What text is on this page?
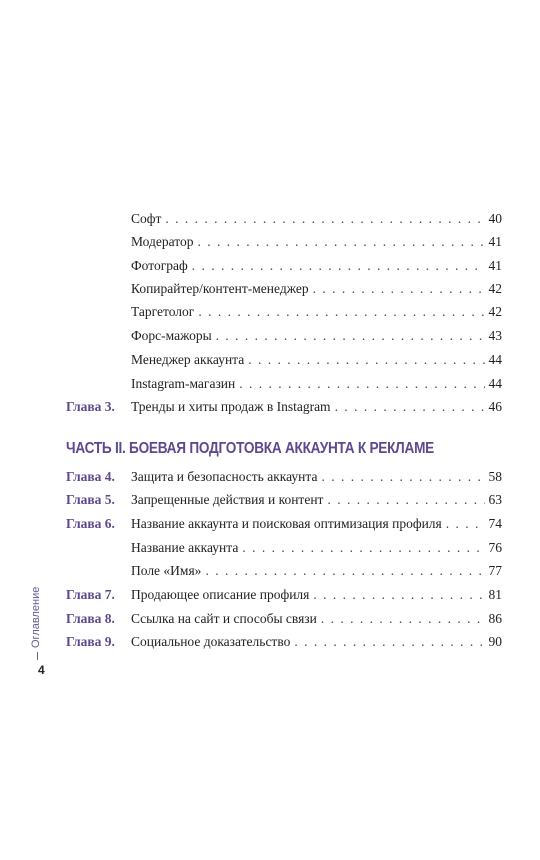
Софт . . .	40
Модератор . . .	41
Фотограф . . .	41
Копирайтер/контент-менеджер . . .	42
Таргетолог . . .	42
Форс-мажоры . . .	43
Менеджер аккаунта . . .	44
Instagram-магазин . . .	44
Глава 3. Тренды и хиты продаж в Instagram . . .	46
ЧАСТЬ II. БОЕВАЯ ПОДГОТОВКА АККАУНТА К РЕКЛАМЕ
Глава 4. Защита и безопасность аккаунта . . .	58
Глава 5. Запрещенные действия и контент . . .	63
Глава 6. Название аккаунта и поисковая оптимизация профиля . . .	74
Название аккаунта . . .	76
Поле «Имя» . . .	77
Глава 7. Продающее описание профиля . . .	81
Глава 8. Ссылка на сайт и способы связи . . .	86
Глава 9. Социальное доказательство . . .	90
Оглавление
4
